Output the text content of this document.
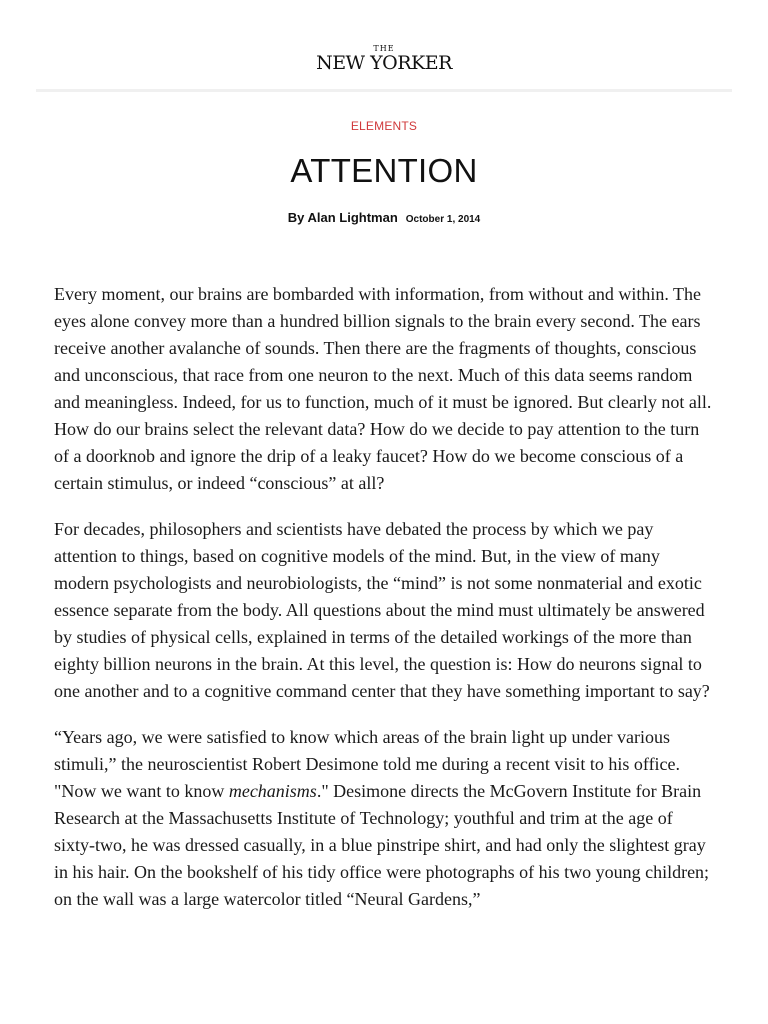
THE
NEW YORKER
ELEMENTS
ATTENTION
By Alan Lightman October 1, 2014

Every moment, our brains are bombarded with information, from without and within. The eyes alone convey more than a hundred billion signals to the brain every second. The ears receive another avalanche of sounds. Then there are the fragments of thoughts, conscious and unconscious, that race from one neuron to the next. Much of this data seems random and meaningless. Indeed, for us to function, much of it must be ignored. But clearly not all. How do our brains select the relevant data? How do we decide to pay attention to the turn of a doorknob and ignore the drip of a leaky faucet? How do we become conscious of a certain stimulus, or indeed “conscious” at all?

For decades, philosophers and scientists have debated the process by which we pay attention to things, based on cognitive models of the mind. But, in the view of many modern psychologists and neurobiologists, the “mind” is not some nonmaterial and exotic essence separate from the body. All questions about the mind must ultimately be answered by studies of physical cells, explained in terms of the detailed workings of the more than eighty billion neurons in the brain. At this level, the question is: How do neurons signal to one another and to a cognitive command center that they have something important to say?

“Years ago, we were satisfied to know which areas of the brain light up under various stimuli,” the neuroscientist Robert Desimone told me during a recent visit to his office. "Now we want to know mechanisms." Desimone directs the McGovern Institute for Brain Research at the Massachusetts Institute of Technology; youthful and trim at the age of sixty-two, he was dressed casually, in a blue pinstripe shirt, and had only the slightest gray in his hair. On the bookshelf of his tidy office were photographs of his two young children; on the wall was a large watercolor titled “Neural Gardens,”
